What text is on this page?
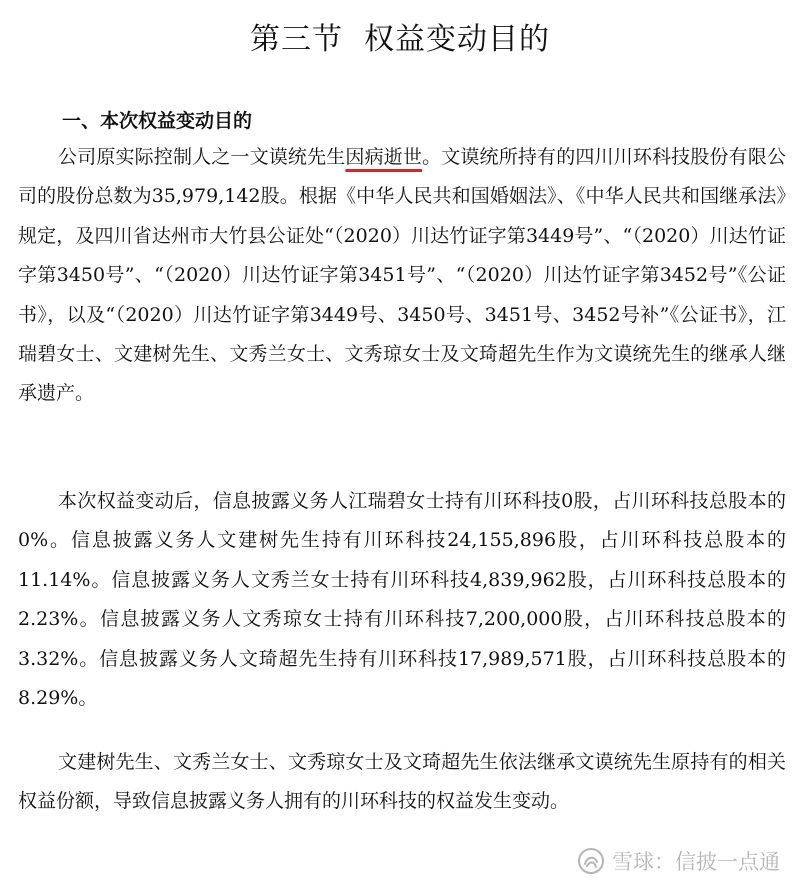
第三节  权益变动目的
一、本次权益变动目的

公司原实际控制人之一文谟统先生因病逝世。文谟统所持有的四川川环科技股份有限公司的股份总数为35,979,142股。根据《中华人民共和国婚姻法》、《中华人民共和国继承法》规定，及四川省达州市大竹县公证处“（2020）川达竹证字第3449号”、“（2020）川达竹证字第3450号”、“（2020）川达竹证字第3451号”、“（2020）川达竹证字第3452号”《公证书》，以及“（2020）川达竹证字第3449号、3450号、3451号、3452号补”《公证书》，江瑞碧女士、文建树先生、文秀兰女士、文秀琼女士及文琦超先生作为文谟统先生的继承人继承遗产。

本次权益变动后，信息披露义务人江瑞碧女士持有川环科技0股，占川环科技总股本的0%。信息披露义务人文建树先生持有川环科技24,155,896股，占川环科技总股本的11.14%。信息披露义务人文秀兰女士持有川环科技4,839,962股，占川环科技总股本的2.23%。信息披露义务人文秀琼女士持有川环科技7,200,000股，占川环科技总股本的3.32%。信息披露义务人文琦超先生持有川环科技17,989,571股，占川环科技总股本的8.29%。

文建树先生、文秀兰女士、文秀琼女士及文琦超先生依法继承文谟统先生原持有的相关权益份额，导致信息披露义务人拥有的川环科技的权益发生变动。

雪球：信披一点通
